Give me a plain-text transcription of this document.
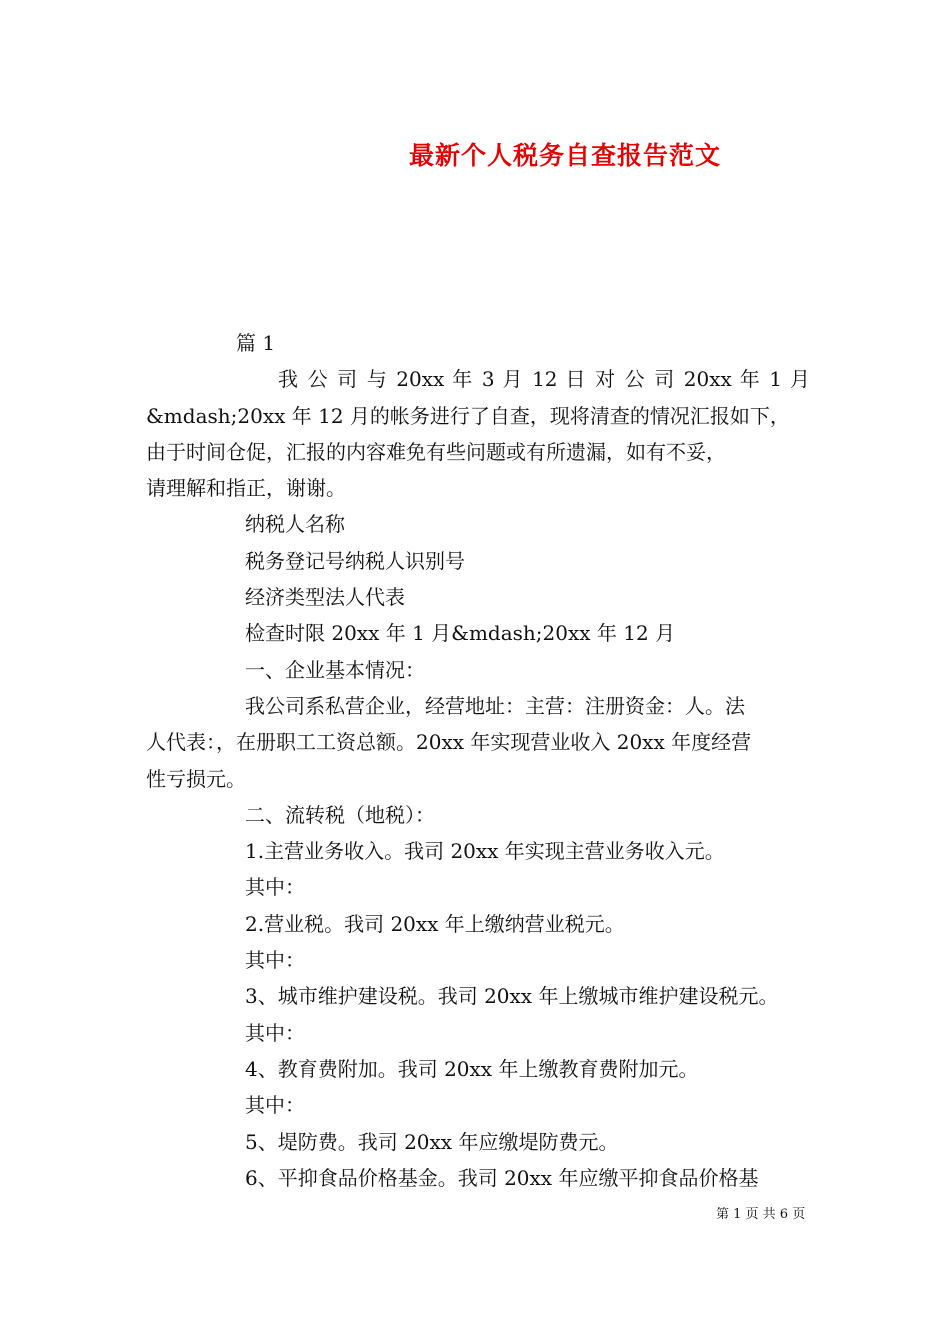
最新个人税务自查报告范文
篇 1
我 公 司 与 20xx 年 3 月 12 日 对 公 司 20xx 年 1 月
&mdash;20xx 年 12 月的帐务进行了自查，现将清查的情况汇报如下，
由于时间仓促，汇报的内容难免有些问题或有所遗漏，如有不妥，
请理解和指正，谢谢。
纳税人名称
税务登记号纳税人识别号
经济类型法人代表
检查时限 20xx 年 1 月&mdash;20xx 年 12 月
一、企业基本情况：
我公司系私营企业，经营地址：主营：注册资金：人。法
人代表：，在册职工工资总额。20xx 年实现营业收入 20xx 年度经营
性亏损元。
二、流转税（地税）：
1.主营业务收入。我司 20xx 年实现主营业务收入元。
其中：
2.营业税。我司 20xx 年上缴纳营业税元。
其中：
3、城市维护建设税。我司 20xx 年上缴城市维护建设税元。
其中：
4、教育费附加。我司 20xx 年上缴教育费附加元。
其中：
5、堤防费。我司 20xx 年应缴堤防费元。
6、平抑食品价格基金。我司 20xx 年应缴平抑食品价格基
第 1 页 共 6 页
